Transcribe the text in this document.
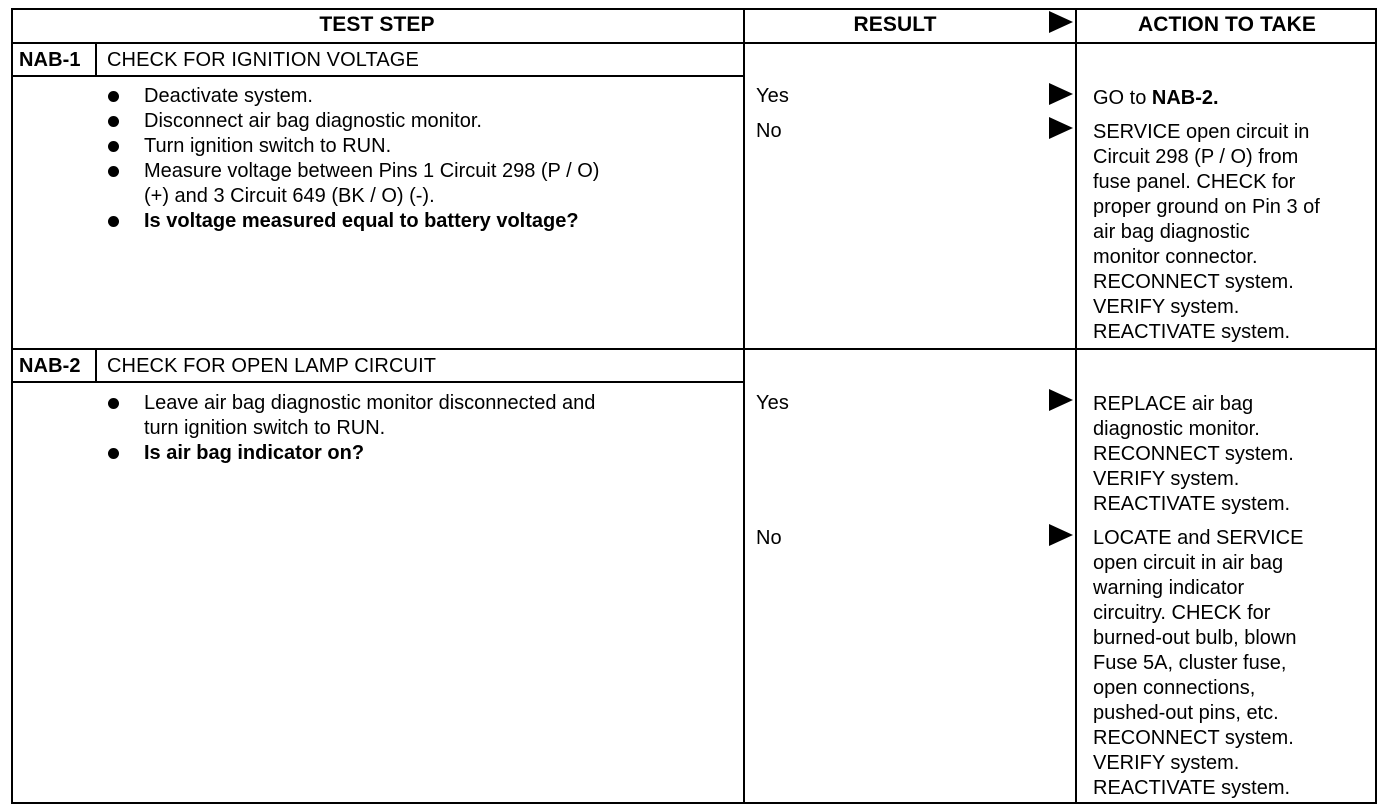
TEST STEP	RESULT	ACTION TO TAKE
NAB-1 CHECK FOR IGNITION VOLTAGE
Deactivate system.
Disconnect air bag diagnostic monitor.
Turn ignition switch to RUN.
Measure voltage between Pins 1 Circuit 298 (P / O)
(+) and 3 Circuit 649 (BK / O) (-).
Is voltage measured equal to battery voltage?
Yes	GO to NAB-2.
No	SERVICE open circuit in
Circuit 298 (P / O) from
fuse panel. CHECK for
proper ground on Pin 3 of
air bag diagnostic
monitor connector.
RECONNECT system.
VERIFY system.
REACTIVATE system.
NAB-2 CHECK FOR OPEN LAMP CIRCUIT
Leave air bag diagnostic monitor disconnected and
turn ignition switch to RUN.
Is air bag indicator on?
Yes	REPLACE air bag
diagnostic monitor.
RECONNECT system.
VERIFY system.
REACTIVATE system.
No	LOCATE and SERVICE
open circuit in air bag
warning indicator
circuitry. CHECK for
burned-out bulb, blown
Fuse 5A, cluster fuse,
open connections,
pushed-out pins, etc.
RECONNECT system.
VERIFY system.
REACTIVATE system.
